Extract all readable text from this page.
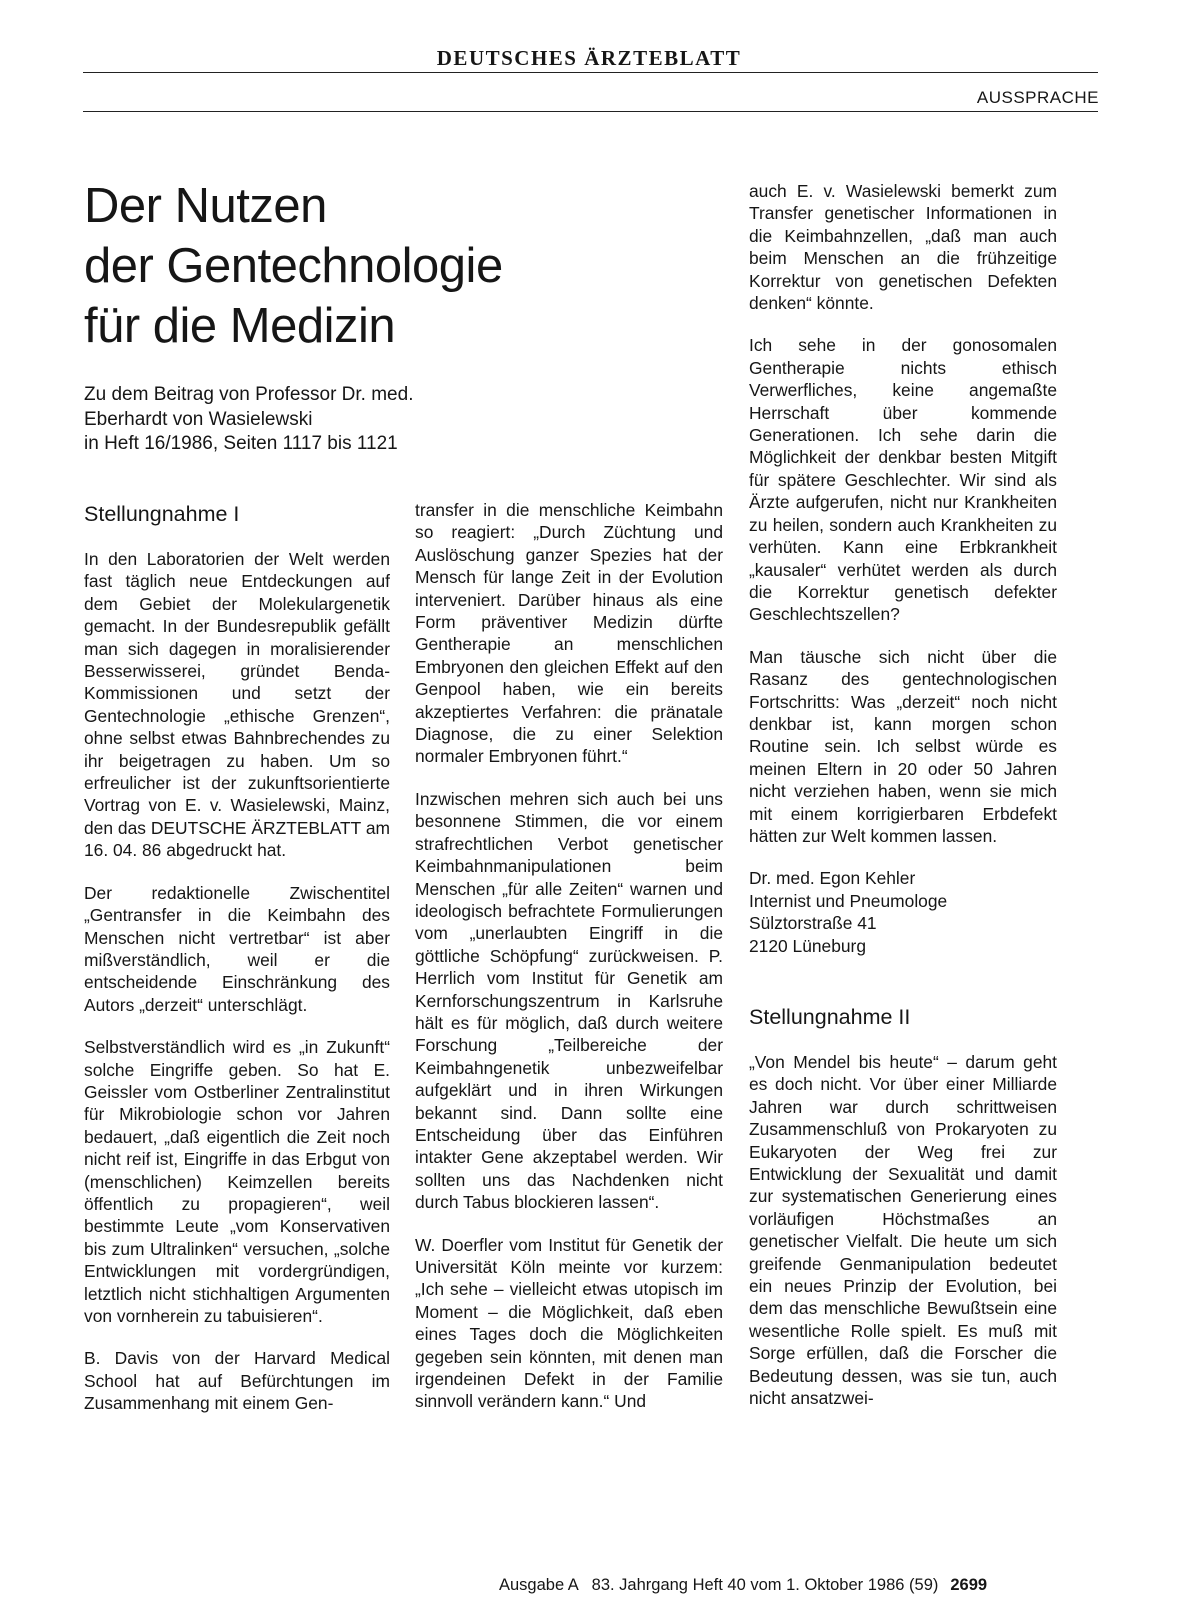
DEUTSCHES ÄRZTEBLATT
AUSSPRACHE
Der Nutzen
der Gentechnologie
für die Medizin

Zu dem Beitrag von Professor Dr. med.
Eberhardt von Wasielewski
in Heft 16/1986, Seiten 1117 bis 1121

Stellungnahme I

In den Laboratorien der Welt werden fast täglich neue Entdeckungen auf dem Gebiet der Molekulargenetik gemacht. In der Bundesrepublik gefällt man sich dagegen in moralisierender Besserwisserei, gründet Benda-Kommissionen und setzt der Gentechnologie „ethische Grenzen“, ohne selbst etwas Bahnbrechendes zu ihr beigetragen zu haben. Um so erfreulicher ist der zukunftsorientierte Vortrag von E. v. Wasielewski, Mainz, den das DEUTSCHE ÄRZTEBLATT am 16. 04. 86 abgedruckt hat.

Der redaktionelle Zwischentitel „Gentransfer in die Keimbahn des Menschen nicht vertretbar“ ist aber mißverständlich, weil er die entscheidende Einschränkung des Autors „derzeit“ unterschlägt.

Selbstverständlich wird es „in Zukunft“ solche Eingriffe geben. So hat E. Geissler vom Ostberliner Zentralinstitut für Mikrobiologie schon vor Jahren bedauert, „daß eigentlich die Zeit noch nicht reif ist, Eingriffe in das Erbgut von (menschlichen) Keimzellen bereits öffentlich zu propagieren“, weil bestimmte Leute „vom Konservativen bis zum Ultralinken“ versuchen, „solche Entwicklungen mit vordergründigen, letztlich nicht stichhaltigen Argumenten von vornherein zu tabuisieren“.

B. Davis von der Harvard Medical School hat auf Befürchtungen im Zusammenhang mit einem Gen-

transfer in die menschliche Keimbahn so reagiert: „Durch Züchtung und Auslöschung ganzer Spezies hat der Mensch für lange Zeit in der Evolution interveniert. Darüber hinaus als eine Form präventiver Medizin dürfte Gentherapie an menschlichen Embryonen den gleichen Effekt auf den Genpool haben, wie ein bereits akzeptiertes Verfahren: die pränatale Diagnose, die zu einer Selektion normaler Embryonen führt.“

Inzwischen mehren sich auch bei uns besonnene Stimmen, die vor einem strafrechtlichen Verbot genetischer Keimbahnmanipulationen beim Menschen „für alle Zeiten“ warnen und ideologisch befrachtete Formulierungen vom „unerlaubten Eingriff in die göttliche Schöpfung“ zurückweisen. P. Herrlich vom Institut für Genetik am Kernforschungszentrum in Karlsruhe hält es für möglich, daß durch weitere Forschung „Teilbereiche der Keimbahngenetik unbezweifelbar aufgeklärt und in ihren Wirkungen bekannt sind. Dann sollte eine Entscheidung über das Einführen intakter Gene akzeptabel werden. Wir sollten uns das Nachdenken nicht durch Tabus blockieren lassen“.

W. Doerfler vom Institut für Genetik der Universität Köln meinte vor kurzem: „Ich sehe – vielleicht etwas utopisch im Moment – die Möglichkeit, daß eben eines Tages doch die Möglichkeiten gegeben sein könnten, mit denen man irgendeinen Defekt in der Familie sinnvoll verändern kann.“ Und

auch E. v. Wasielewski bemerkt zum Transfer genetischer Informationen in die Keimbahnzellen, „daß man auch beim Menschen an die frühzeitige Korrektur von genetischen Defekten denken“ könnte.

Ich sehe in der gonosomalen Gentherapie nichts ethisch Verwerfliches, keine angemaßte Herrschaft über kommende Generationen. Ich sehe darin die Möglichkeit der denkbar besten Mitgift für spätere Geschlechter. Wir sind als Ärzte aufgerufen, nicht nur Krankheiten zu heilen, sondern auch Krankheiten zu verhüten. Kann eine Erbkrankheit „kausaler“ verhütet werden als durch die Korrektur genetisch defekter Geschlechtszellen?

Man täusche sich nicht über die Rasanz des gentechnologischen Fortschritts: Was „derzeit“ noch nicht denkbar ist, kann morgen schon Routine sein. Ich selbst würde es meinen Eltern in 20 oder 50 Jahren nicht verziehen haben, wenn sie mich mit einem korrigierbaren Erbdefekt hätten zur Welt kommen lassen.

Dr. med. Egon Kehler
Internist und Pneumologe
Sülztorstraße 41
2120 Lüneburg
Stellungnahme II

„Von Mendel bis heute“ – darum geht es doch nicht. Vor über einer Milliarde Jahren war durch schrittweisen Zusammenschluß von Prokaryoten zu Eukaryoten der Weg frei zur Entwicklung der Sexualität und damit zur systematischen Generierung eines vorläufigen Höchstmaßes an genetischer Vielfalt. Die heute um sich greifende Genmanipulation bedeutet ein neues Prinzip der Evolution, bei dem das menschliche Bewußtsein eine wesentliche Rolle spielt. Es muß mit Sorge erfüllen, daß die Forscher die Bedeutung dessen, was sie tun, auch nicht ansatzwei-

Ausgabe A   83. Jahrgang Heft 40 vom 1. Oktober 1986 (59) 2699
